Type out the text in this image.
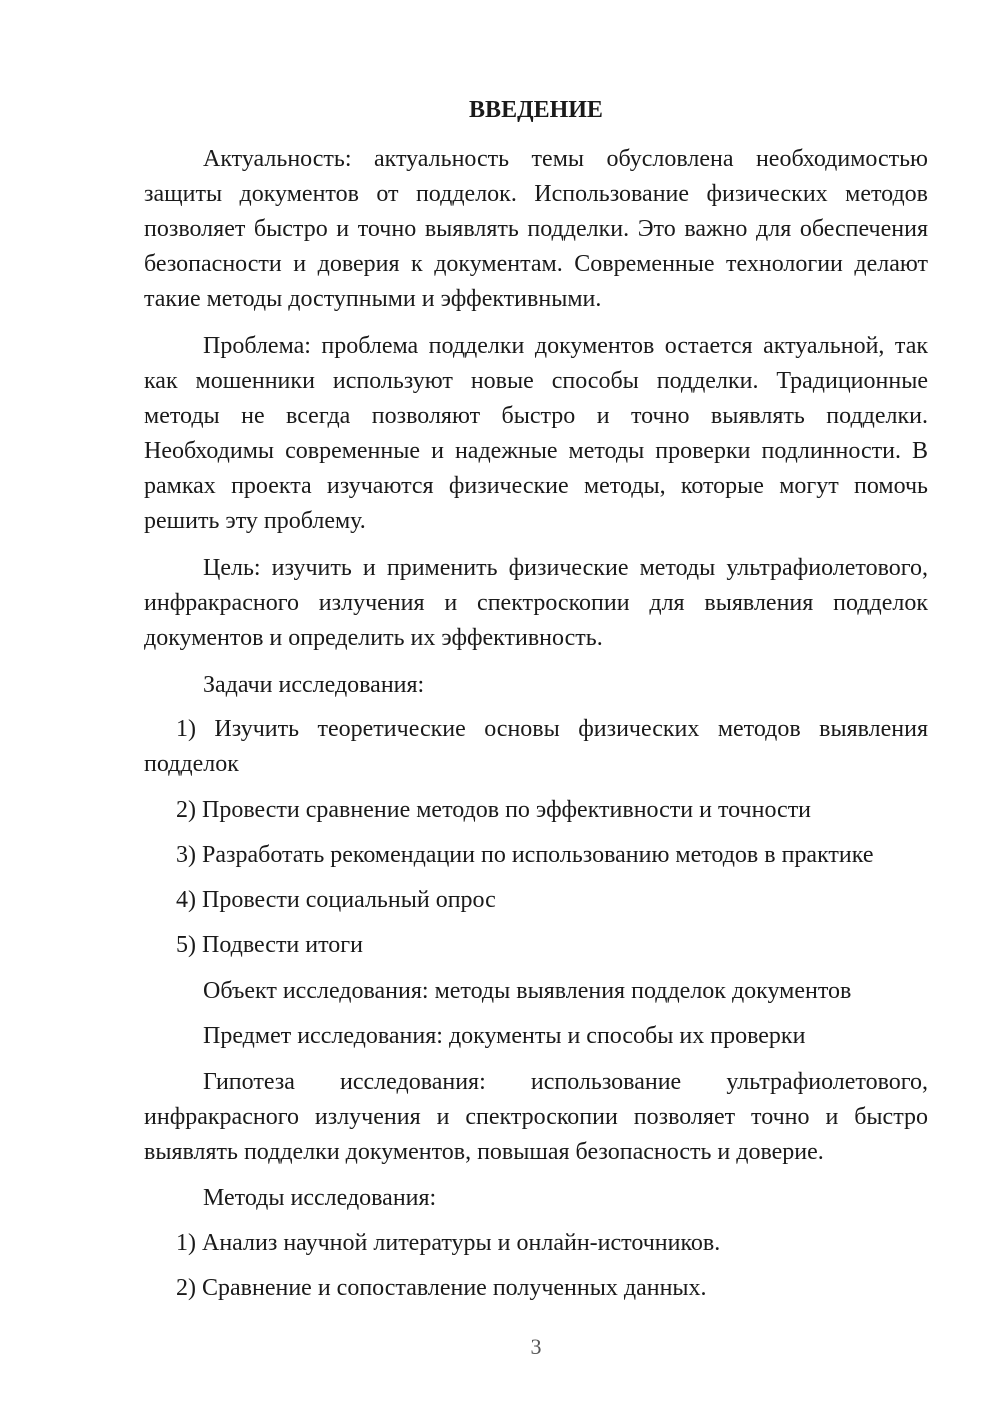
ВВЕДЕНИЕ

Актуальность: актуальность темы обусловлена необходимостью защиты документов от подделок. Использование физических методов позволяет быстро и точно выявлять подделки. Это важно для обеспечения безопасности и доверия к документам. Современные технологии делают такие методы доступными и эффективными.

Проблема: проблема подделки документов остается актуальной, так как мошенники используют новые способы подделки. Традиционные методы не всегда позволяют быстро и точно выявлять подделки. Необходимы современные и надежные методы проверки подлинности. В рамках проекта изучаются физические методы, которые могут помочь решить эту проблему.

Цель: изучить и применить физические методы ультрафиолетового, инфракрасного излучения и спектроскопии для выявления подделок документов и определить их эффективность.

Задачи исследования:

1) Изучить теоретические основы физических методов выявления подделок

2) Провести сравнение методов по эффективности и точности

3) Разработать рекомендации по использованию методов в практике

4) Провести социальный опрос

5) Подвести итоги

Объект исследования: методы выявления подделок документов

Предмет исследования: документы и способы их проверки

Гипотеза исследования: использование ультрафиолетового, инфракрасного излучения и спектроскопии позволяет точно и быстро выявлять подделки документов, повышая безопасность и доверие.

Методы исследования:

1) Анализ научной литературы и онлайн-источников.

2) Сравнение и сопоставление полученных данных.

3
